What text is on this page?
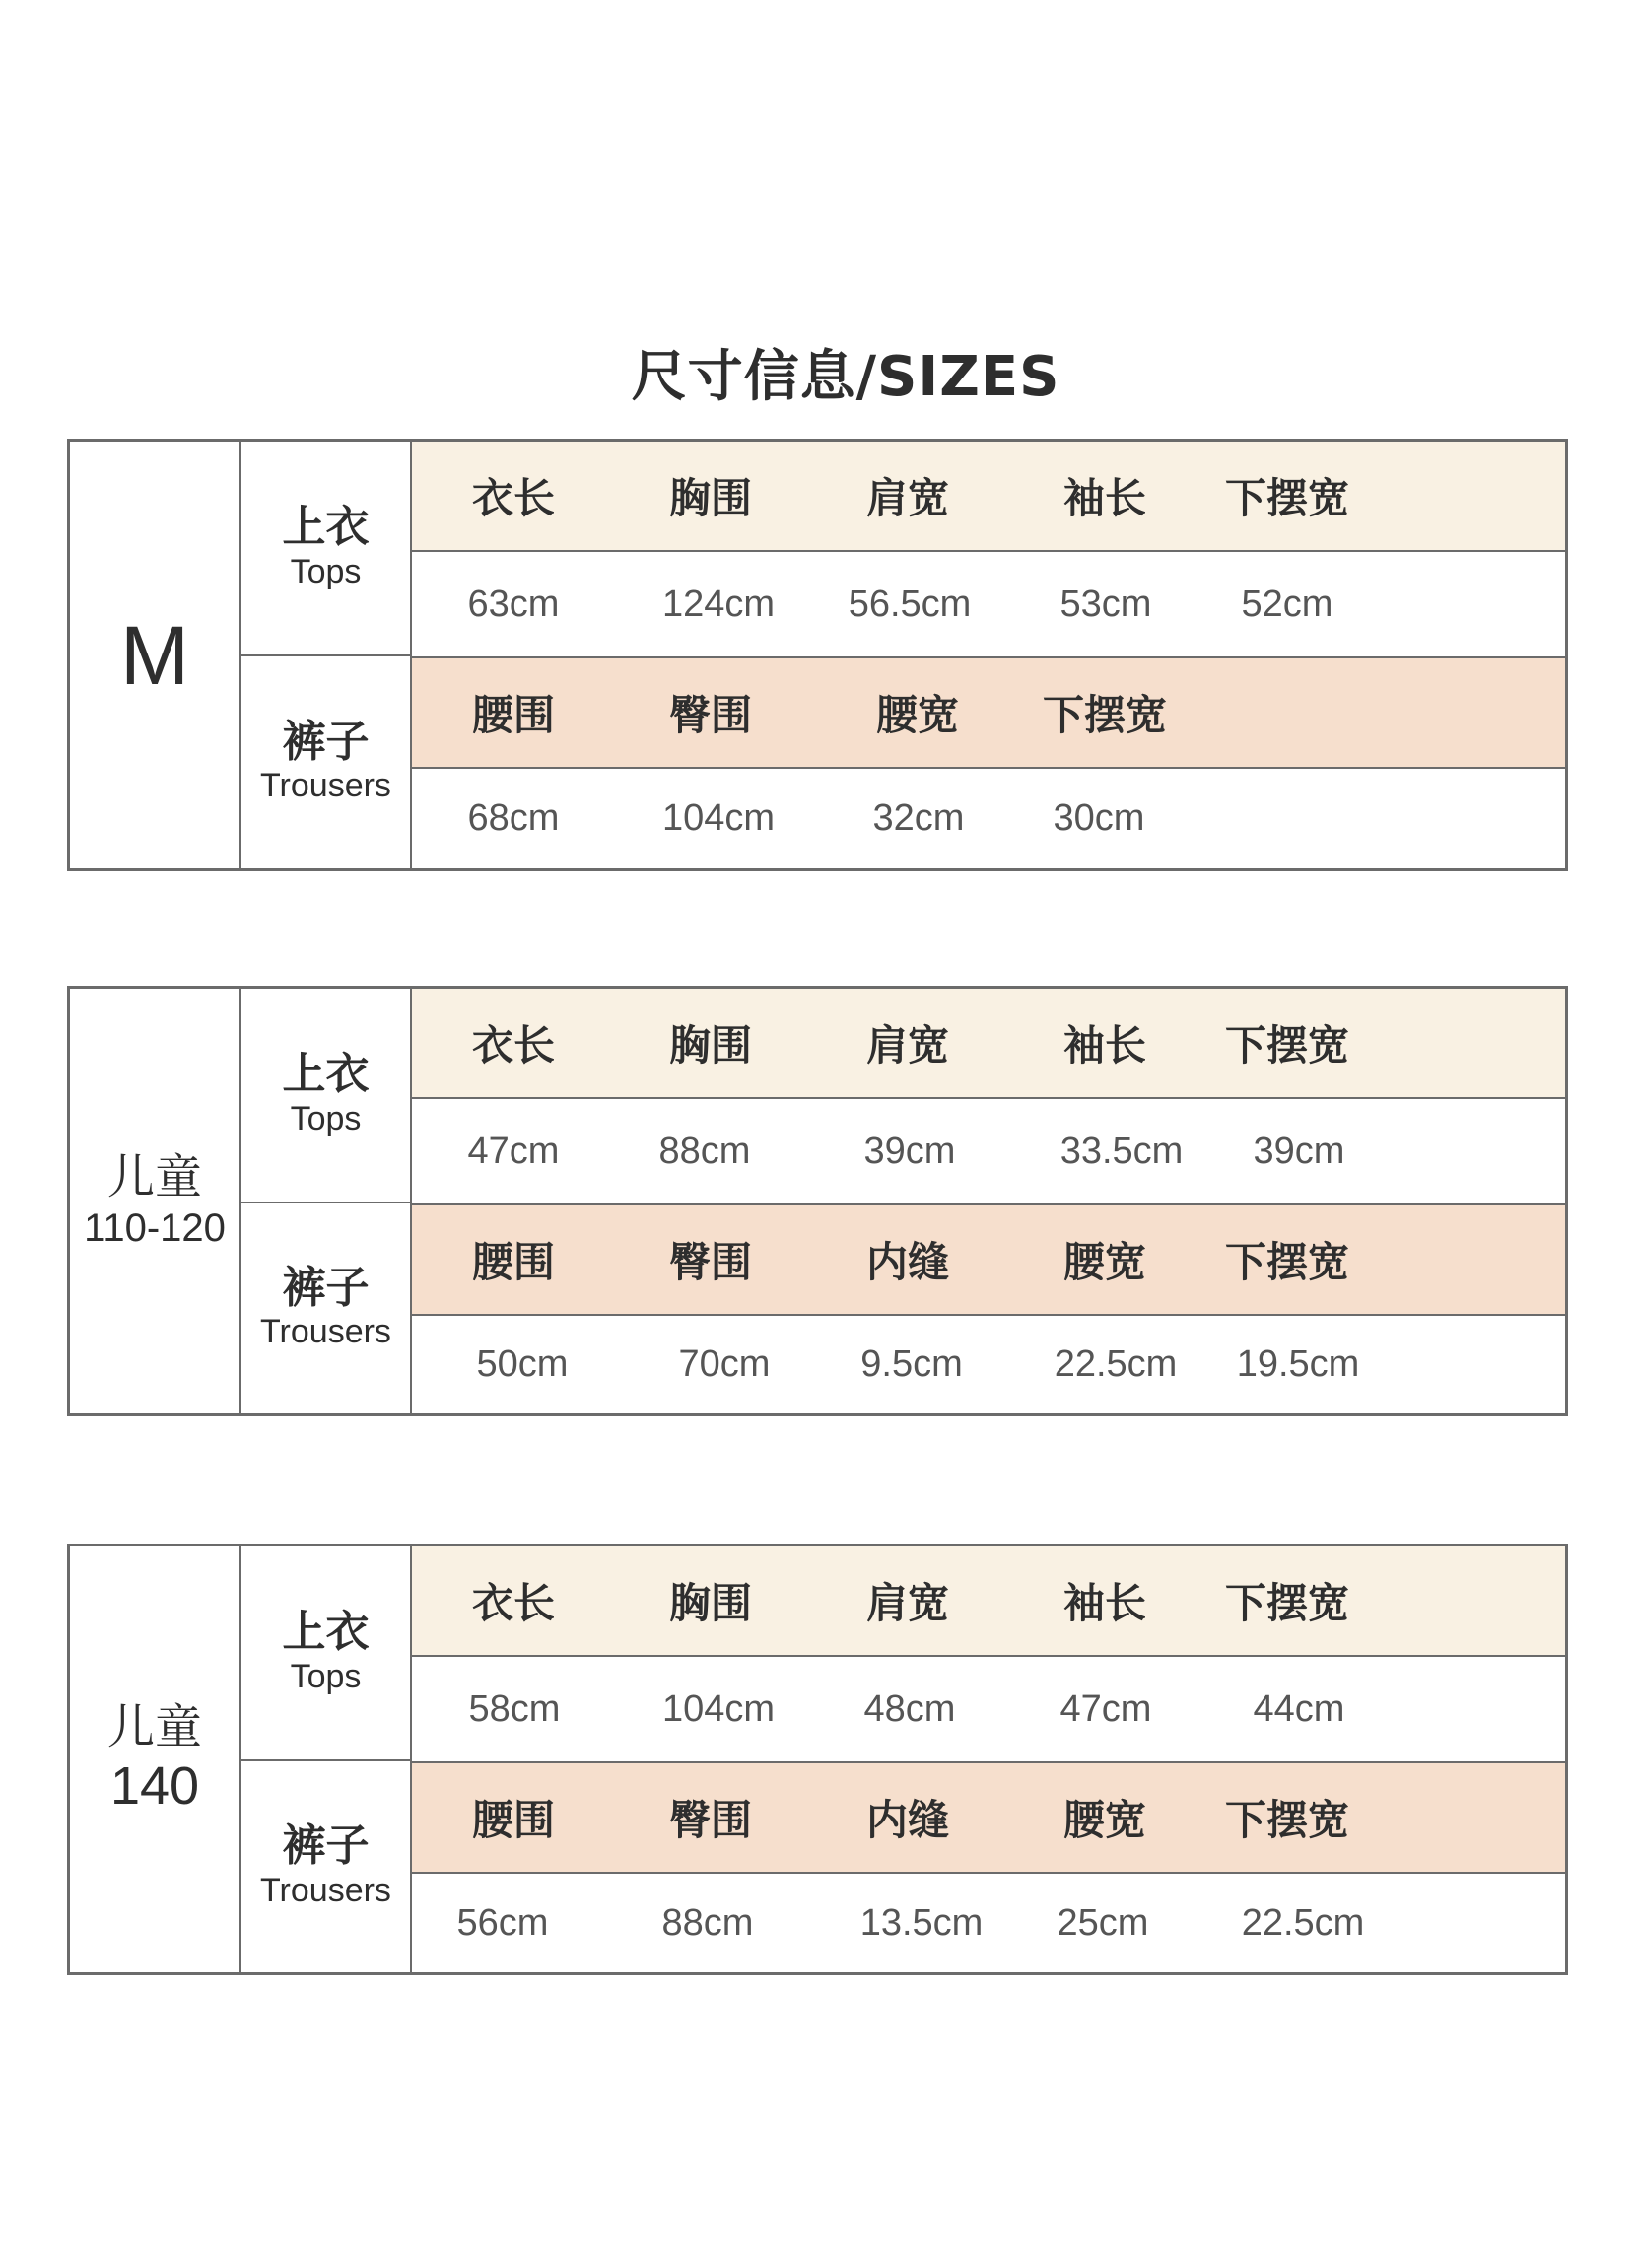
尺寸信息/SIZES
M
上衣
Tops
裤子
Trousers
衣长	胸围	肩宽	袖长 下摆宽
63cm	124cm 56.5cm 53cm 52cm
腰围	臀围	腰宽 下摆宽
68cm	104cm	32cm 30cm
儿童
110-120
上衣
Tops
裤子
Trousers
衣长	胸围	肩宽	袖长 下摆宽
47cm	88cm	39cm	33.5cm 39cm
腰围	臀围	内缝	腰宽 下摆宽
50cm	70cm 9.5cm 22.5cm 19.5cm
儿童
140
上衣
Tops
裤子
Trousers
衣长	胸围	肩宽	袖长 下摆宽
58cm	104cm 48cm	47cm	44cm
腰围	臀围	内缝	腰宽 下摆宽
56cm	88cm	13.5cm 25cm 22.5cm
